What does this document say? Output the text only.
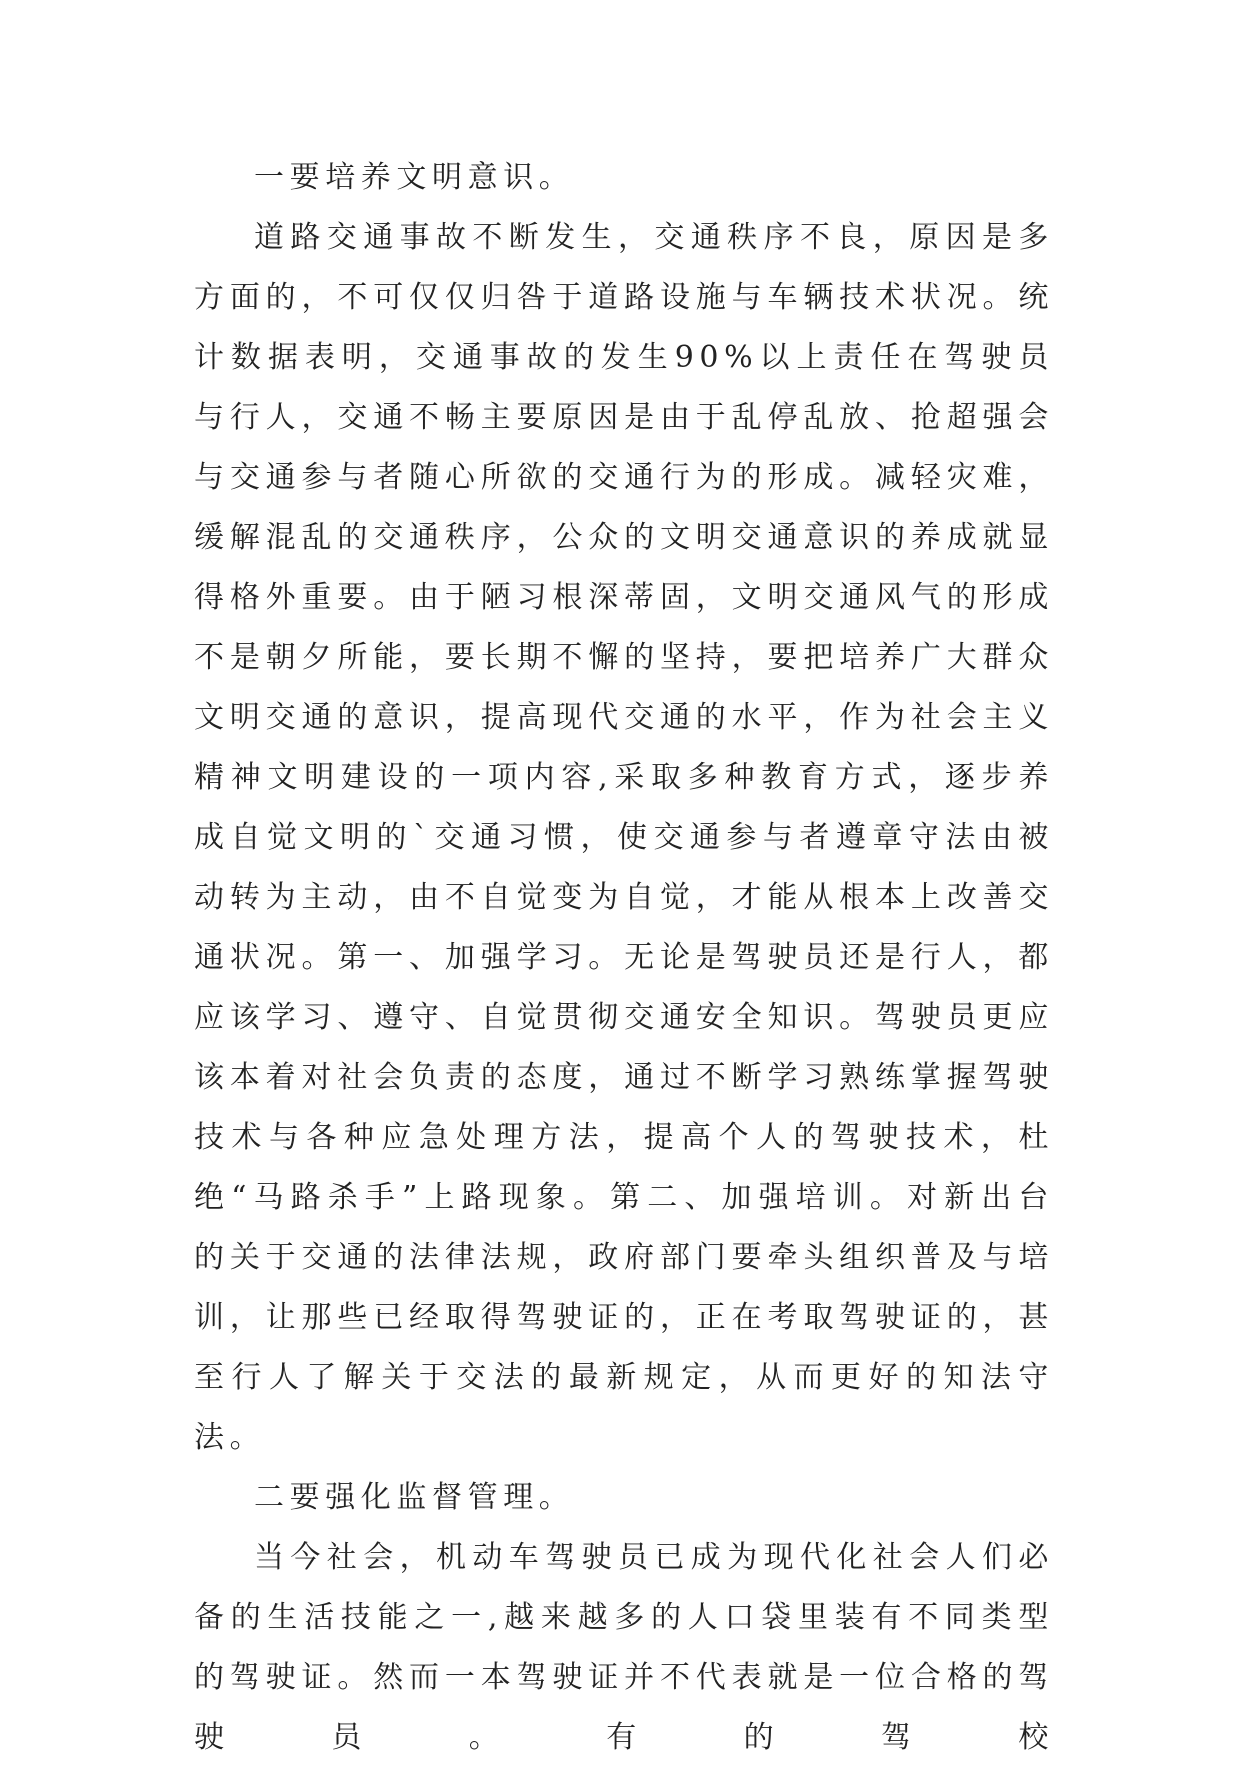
一要培养文明意识。

道路交通事故不断发生，交通秩序不良，原因是多方面的，不可仅仅归咎于道路设施与车辆技术状况。统计数据表明，交通事故的发生90%以上责任在驾驶员与行人，交通不畅主要原因是由于乱停乱放、抢超强会与交通参与者随心所欲的交通行为的形成。减轻灾难，缓解混乱的交通秩序，公众的文明交通意识的养成就显得格外重要。由于陋习根深蒂固，文明交通风气的形成不是朝夕所能，要长期不懈的坚持，要把培养广大群众文明交通的意识，提高现代交通的水平，作为社会主义精神文明建设的一项内容,采取多种教育方式，逐步养成自觉文明的`交通习惯，使交通参与者遵章守法由被动转为主动，由不自觉变为自觉，才能从根本上改善交通状况。第一、加强学习。无论是驾驶员还是行人，都应该学习、遵守、自觉贯彻交通安全知识。驾驶员更应该本着对社会负责的态度，通过不断学习熟练掌握驾驶技术与各种应急处理方法，提高个人的驾驶技术，杜绝“马路杀手”上路现象。第二、加强培训。对新出台的关于交通的法律法规，政府部门要牵头组织普及与培训，让那些已经取得驾驶证的，正在考取驾驶证的，甚至行人了解关于交法的最新规定，从而更好的知法守法。

二要强化监督管理。

当今社会，机动车驾驶员已成为现代化社会人们必备的生活技能之一,越来越多的人口袋里装有不同类型的驾驶证。然而一本驾驶证并不代表就是一位合格的驾驶员。有的驾校
